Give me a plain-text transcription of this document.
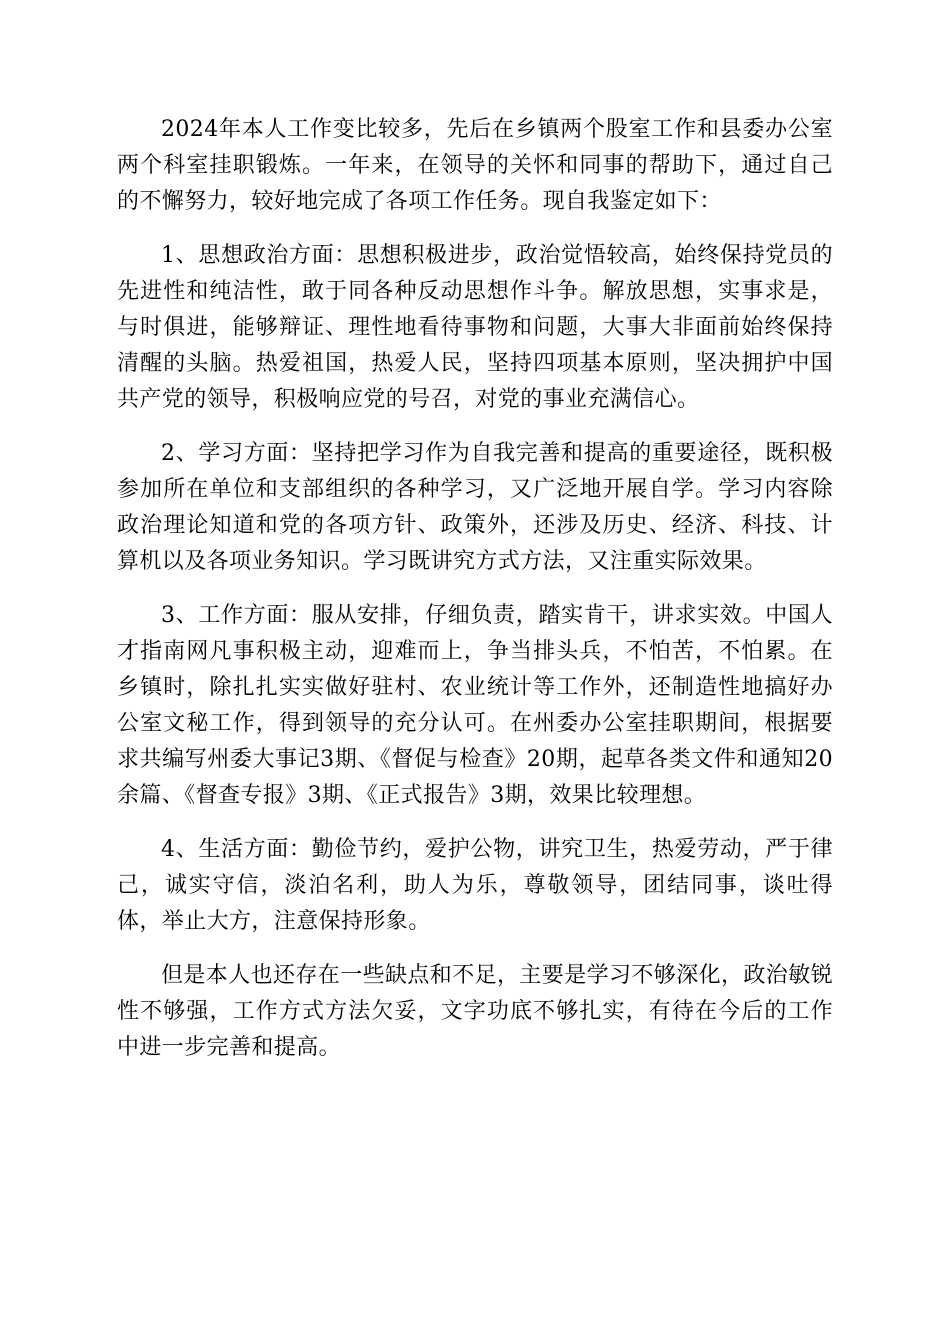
2024年本人工作变比较多，先后在乡镇两个股室工作和县委办公室两个科室挂职锻炼。一年来，在领导的关怀和同事的帮助下，通过自己的不懈努力，较好地完成了各项工作任务。现自我鉴定如下：

1、思想政治方面：思想积极进步，政治觉悟较高，始终保持党员的先进性和纯洁性，敢于同各种反动思想作斗争。解放思想，实事求是，与时俱进，能够辩证、理性地看待事物和问题，大事大非面前始终保持清醒的头脑。热爱祖国，热爱人民，坚持四项基本原则，坚决拥护中国共产党的领导，积极响应党的号召，对党的事业充满信心。

2、学习方面：坚持把学习作为自我完善和提高的重要途径，既积极参加所在单位和支部组织的各种学习，又广泛地开展自学。学习内容除政治理论知道和党的各项方针、政策外，还涉及历史、经济、科技、计算机以及各项业务知识。学习既讲究方式方法，又注重实际效果。

3、工作方面：服从安排，仔细负责，踏实肯干，讲求实效。中国人才指南网凡事积极主动，迎难而上，争当排头兵，不怕苦，不怕累。在乡镇时，除扎扎实实做好驻村、农业统计等工作外，还制造性地搞好办公室文秘工作，得到领导的充分认可。在州委办公室挂职期间，根据要求共编写州委大事记3期、《督促与检查》20期，起草各类文件和通知20余篇、《督查专报》3期、《正式报告》3期，效果比较理想。

4、生活方面：勤俭节约，爱护公物，讲究卫生，热爱劳动，严于律己，诚实守信，淡泊名利，助人为乐，尊敬领导，团结同事，谈吐得体，举止大方，注意保持形象。

但是本人也还存在一些缺点和不足，主要是学习不够深化，政治敏锐性不够强，工作方式方法欠妥，文字功底不够扎实，有待在今后的工作中进一步完善和提高。
